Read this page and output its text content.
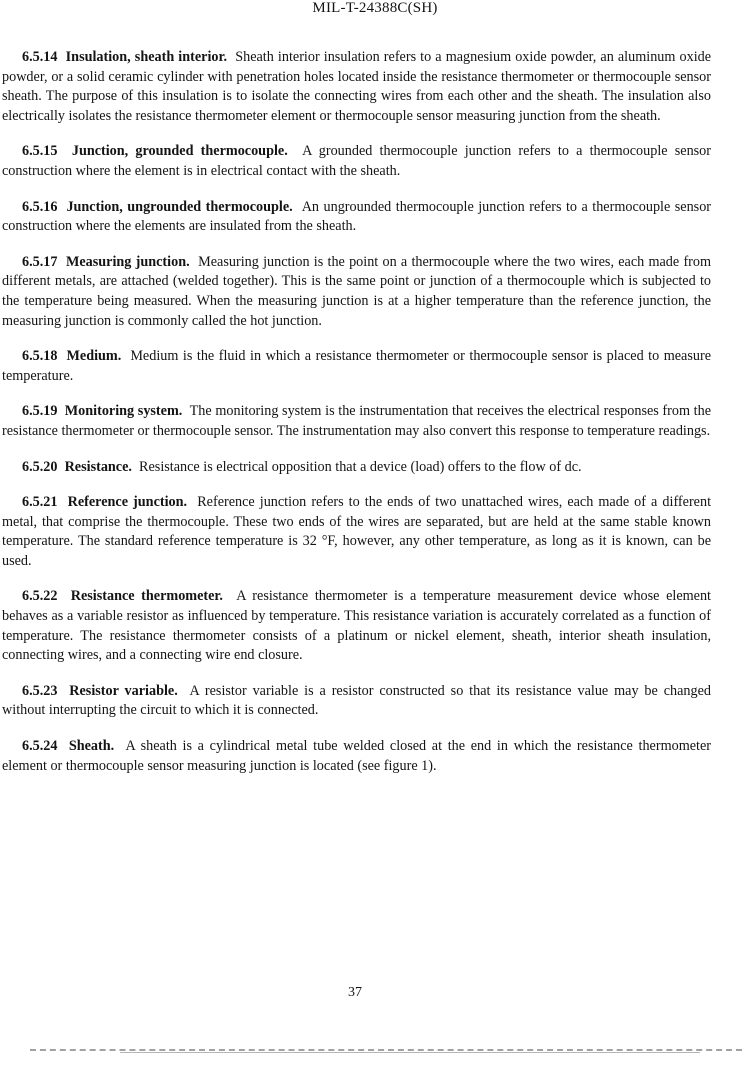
MIL-T-24388C(SH)

6.5.14 Insulation, sheath interior. Sheath interior insulation refers to a magnesium oxide powder, an aluminum oxide powder, or a solid ceramic cylinder with penetration holes located inside the resistance thermometer or thermocouple sensor sheath. The purpose of this insulation is to isolate the connecting wires from each other and the sheath. The insulation also electrically isolates the resistance thermometer element or thermocouple sensor measuring junction from the sheath.

6.5.15 Junction, grounded thermocouple. A grounded thermocouple junction refers to a thermocouple sensor construction where the element is in electrical contact with the sheath.

6.5.16 Junction, ungrounded thermocouple. An ungrounded thermocouple junction refers to a thermocouple sensor construction where the elements are insulated from the sheath.

6.5.17 Measuring junction. Measuring junction is the point on a thermocouple where the two wires, each made from different metals, are attached (welded together). This is the same point or junction of a thermocouple which is subjected to the temperature being measured. When the measuring junction is at a higher temperature than the reference junction, the measuring junction is commonly called the hot junction.

6.5.18 Medium. Medium is the fluid in which a resistance thermometer or thermocouple sensor is placed to measure temperature.

6.5.19 Monitoring system. The monitoring system is the instrumentation that receives the electrical responses from the resistance thermometer or thermocouple sensor. The instrumentation may also convert this response to temperature readings.

6.5.20 Resistance. Resistance is electrical opposition that a device (load) offers to the flow of dc.

6.5.21 Reference junction. Reference junction refers to the ends of two unattached wires, each made of a different metal, that comprise the thermocouple. These two ends of the wires are separated, but are held at the same stable known temperature. The standard reference temperature is 32 °F, however, any other temperature, as long as it is known, can be used.

6.5.22 Resistance thermometer. A resistance thermometer is a temperature measurement device whose element behaves as a variable resistor as influenced by temperature. This resistance variation is accurately correlated as a function of temperature. The resistance thermometer consists of a platinum or nickel element, sheath, interior sheath insulation, connecting wires, and a connecting wire end closure.

6.5.23 Resistor variable. A resistor variable is a resistor constructed so that its resistance value may be changed without interrupting the circuit to which it is connected.

6.5.24 Sheath. A sheath is a cylindrical metal tube welded closed at the end in which the resistance thermometer element or thermocouple sensor measuring junction is located (see figure 1).

37
